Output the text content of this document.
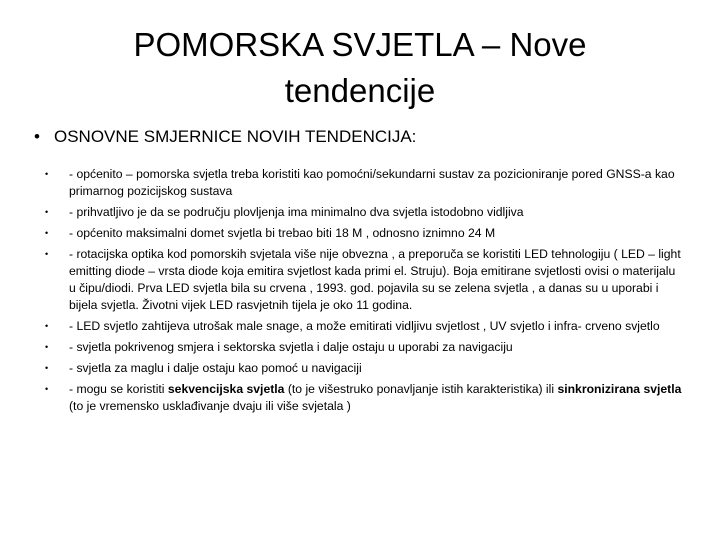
POMORSKA SVJETLA – Nove
tendencije
• OSNOVNE SMJERNICE NOVIH TENDENCIJA:
•	- općenito – pomorska svjetla treba koristiti kao pomoćni/sekundarni sustav za pozicioniranje pored GNSS-a kao primarnog pozicijskog sustava
•	- prihvatljivo je da se području plovljenja ima minimalno dva svjetla istodobno vidljiva
•	- općenito maksimalni domet svjetla bi trebao biti 18 M , odnosno iznimno 24 M
•	- rotacijska optika kod pomorskih svjetala više nije obvezna , a preporuča se koristiti LED tehnologiju ( LED – light emitting diode – vrsta diode koja emitira svjetlost kada primi el. Struju). Boja emitirane svjetlosti ovisi o materijalu u čipu/diodi. Prva LED svjetla bila su crvena , 1993. god. pojavila su se zelena svjetla , a danas su u uporabi i bijela svjetla. Životni vijek LED rasvjetnih tijela je oko 11 godina.
•	- LED svjetlo zahtijeva utrošak male snage, a može emitirati vidljivu svjetlost , UV svjetlo i infra- crveno svjetlo
•	- svjetla pokrivenog smjera i sektorska svjetla i dalje ostaju u uporabi za navigaciju
•	- svjetla za maglu i dalje ostaju kao pomoć u navigaciji
•	- mogu se koristiti sekvencijska svjetla (to je višestruko ponavljanje istih karakteristika) ili sinkronizirana svjetla (to je vremensko usklađivanje dvaju ili više svjetala )
